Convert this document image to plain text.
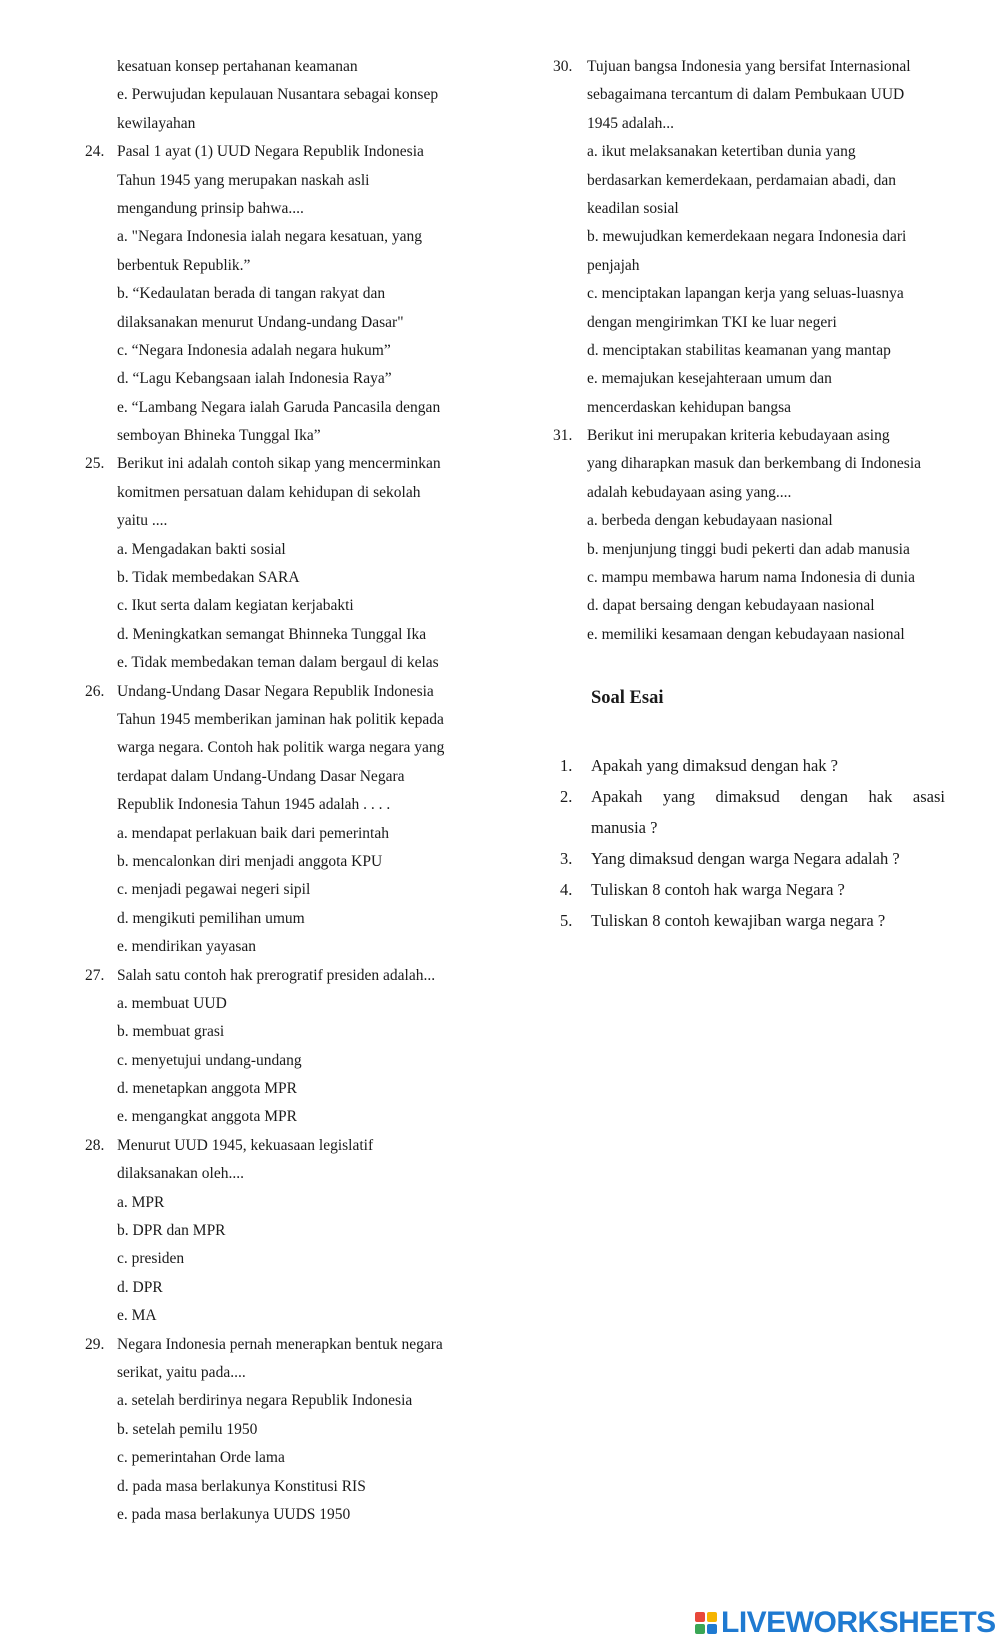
kesatuan konsep pertahanan keamanan
e. Perwujudan kepulauan Nusantara sebagai konsep
kewilayahan
24. Pasal 1 ayat (1) UUD Negara Republik Indonesia
Tahun 1945 yang merupakan naskah asli
mengandung prinsip bahwa....
a. "Negara Indonesia ialah negara kesatuan, yang
berbentuk Republik.”
b. “Kedaulatan berada di tangan rakyat dan
dilaksanakan menurut Undang-undang Dasar"
c. “Negara Indonesia adalah negara hukum”
d. “Lagu Kebangsaan ialah Indonesia Raya”
e. “Lambang Negara ialah Garuda Pancasila dengan
semboyan Bhineka Tunggal Ika”
25. Berikut ini adalah contoh sikap yang mencerminkan
komitmen persatuan dalam kehidupan di sekolah
yaitu ....
a. Mengadakan bakti sosial
b. Tidak membedakan SARA
c. Ikut serta dalam kegiatan kerjabakti
d. Meningkatkan semangat Bhinneka Tunggal Ika
e. Tidak membedakan teman dalam bergaul di kelas
26. Undang-Undang Dasar Negara Republik Indonesia
Tahun 1945 memberikan jaminan hak politik kepada
warga negara. Contoh hak politik warga negara yang
terdapat dalam Undang-Undang Dasar Negara
Republik Indonesia Tahun 1945 adalah . . . .
a. mendapat perlakuan baik dari pemerintah
b. mencalonkan diri menjadi anggota KPU
c. menjadi pegawai negeri sipil
d. mengikuti pemilihan umum
e. mendirikan yayasan
27. Salah satu contoh hak prerogratif presiden adalah...
a. membuat UUD
b. membuat grasi
c. menyetujui undang-undang
d. menetapkan anggota MPR
e. mengangkat anggota MPR
28. Menurut UUD 1945, kekuasaan legislatif
dilaksanakan oleh....
a. MPR
b. DPR dan MPR
c. presiden
d. DPR
e. MA
29. Negara Indonesia pernah menerapkan bentuk negara
serikat, yaitu pada....
a. setelah berdirinya negara Republik Indonesia
b. setelah pemilu 1950
c. pemerintahan Orde lama
d. pada masa berlakunya Konstitusi RIS
e. pada masa berlakunya UUDS 1950
30. Tujuan bangsa Indonesia yang bersifat Internasional
sebagaimana tercantum di dalam Pembukaan UUD
1945 adalah...
a. ikut melaksanakan ketertiban dunia yang
berdasarkan kemerdekaan, perdamaian abadi, dan
keadilan sosial
b. mewujudkan kemerdekaan negara Indonesia dari
penjajah
c. menciptakan lapangan kerja yang seluas-luasnya
dengan mengirimkan TKI ke luar negeri
d. menciptakan stabilitas keamanan yang mantap
e. memajukan kesejahteraan umum dan
mencerdaskan kehidupan bangsa
31. Berikut ini merupakan kriteria kebudayaan asing
yang diharapkan masuk dan berkembang di Indonesia
adalah kebudayaan asing yang....
a. berbeda dengan kebudayaan nasional
b. menjunjung tinggi budi pekerti dan adab manusia
c. mampu membawa harum nama Indonesia di dunia
d. dapat bersaing dengan kebudayaan nasional
e. memiliki kesamaan dengan kebudayaan nasional
Soal Esai
1. Apakah yang dimaksud dengan hak ?
2. Apakah yang dimaksud dengan hak asasi
manusia ?
3. Yang dimaksud dengan warga Negara adalah ?
4. Tuliskan 8 contoh hak warga Negara ?
5. Tuliskan 8 contoh kewajiban warga negara ?
LIVEWORKSHEETS
